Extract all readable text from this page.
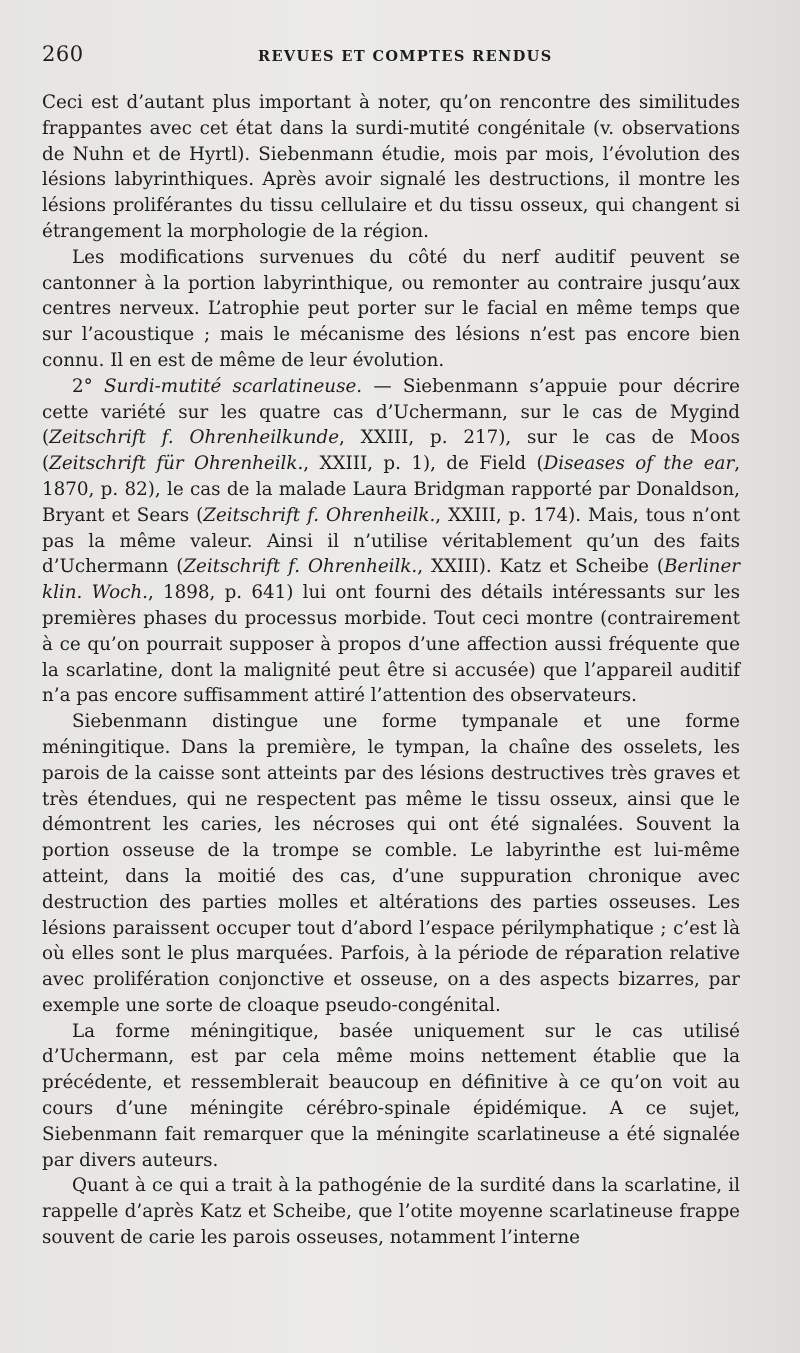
260	REVUES ET COMPTES RENDUS

Ceci est d’autant plus important à noter, qu’on rencontre des similitudes frappantes avec cet état dans la surdi-mutité congénitale (v. observations de Nuhn et de Hyrtl). Siebenmann étudie, mois par mois, l’évolution des lésions labyrinthiques. Après avoir signalé les destructions, il montre les lésions proliférantes du tissu cellulaire et du tissu osseux, qui changent si étrangement la morphologie de la région.

Les modifications survenues du côté du nerf auditif peuvent se cantonner à la portion labyrinthique, ou remonter au contraire jusqu’aux centres nerveux. L’atrophie peut porter sur le facial en même temps que sur l’acoustique ; mais le mécanisme des lésions n’est pas encore bien connu. Il en est de même de leur évolution.

2° Surdi-mutité scarlatineuse. — Siebenmann s’appuie pour décrire cette variété sur les quatre cas d’Uchermann, sur le cas de Mygind (Zeitschrift f. Ohrenheilkunde, XXIII, p. 217), sur le cas de Moos (Zeitschrift für Ohrenheilk., XXIII, p. 1), de Field (Diseases of the ear, 1870, p. 82), le cas de la malade Laura Bridgman rapporté par Donaldson, Bryant et Sears (Zeitschrift f. Ohrenheilk., XXIII, p. 174). Mais, tous n’ont pas la même valeur. Ainsi il n’utilise véritablement qu’un des faits d’Uchermann (Zeitschrift f. Ohrenheilk., XXIII). Katz et Scheibe (Berliner klin. Woch., 1898, p. 641) lui ont fourni des détails intéressants sur les premières phases du processus morbide. Tout ceci montre (contrairement à ce qu’on pourrait supposer à propos d’une affection aussi fréquente que la scarlatine, dont la malignité peut être si accusée) que l’appareil auditif n’a pas encore suffisamment attiré l’attention des observateurs.

Siebenmann distingue une forme tympanale et une forme méningitique. Dans la première, le tympan, la chaîne des osselets, les parois de la caisse sont atteints par des lésions destructives très graves et très étendues, qui ne respectent pas même le tissu osseux, ainsi que le démontrent les caries, les nécroses qui ont été signalées. Souvent la portion osseuse de la trompe se comble. Le labyrinthe est lui-même atteint, dans la moitié des cas, d’une suppuration chronique avec destruction des parties molles et altérations des parties osseuses. Les lésions paraissent occuper tout d’abord l’espace périlymphatique ; c’est là où elles sont le plus marquées. Parfois, à la période de réparation relative avec prolifération conjonctive et osseuse, on a des aspects bizarres, par exemple une sorte de cloaque pseudo-congénital.

La forme méningitique, basée uniquement sur le cas utilisé d’Uchermann, est par cela même moins nettement établie que la précédente, et ressemblerait beaucoup en définitive à ce qu’on voit au cours d’une méningite cérébro-spinale épidémique. A ce sujet, Siebenmann fait remarquer que la méningite scarlatineuse a été signalée par divers auteurs.

Quant à ce qui a trait à la pathogénie de la surdité dans la scarlatine, il rappelle d’après Katz et Scheibe, que l’otite moyenne scarlatineuse frappe souvent de carie les parois osseuses, notamment l’interne
